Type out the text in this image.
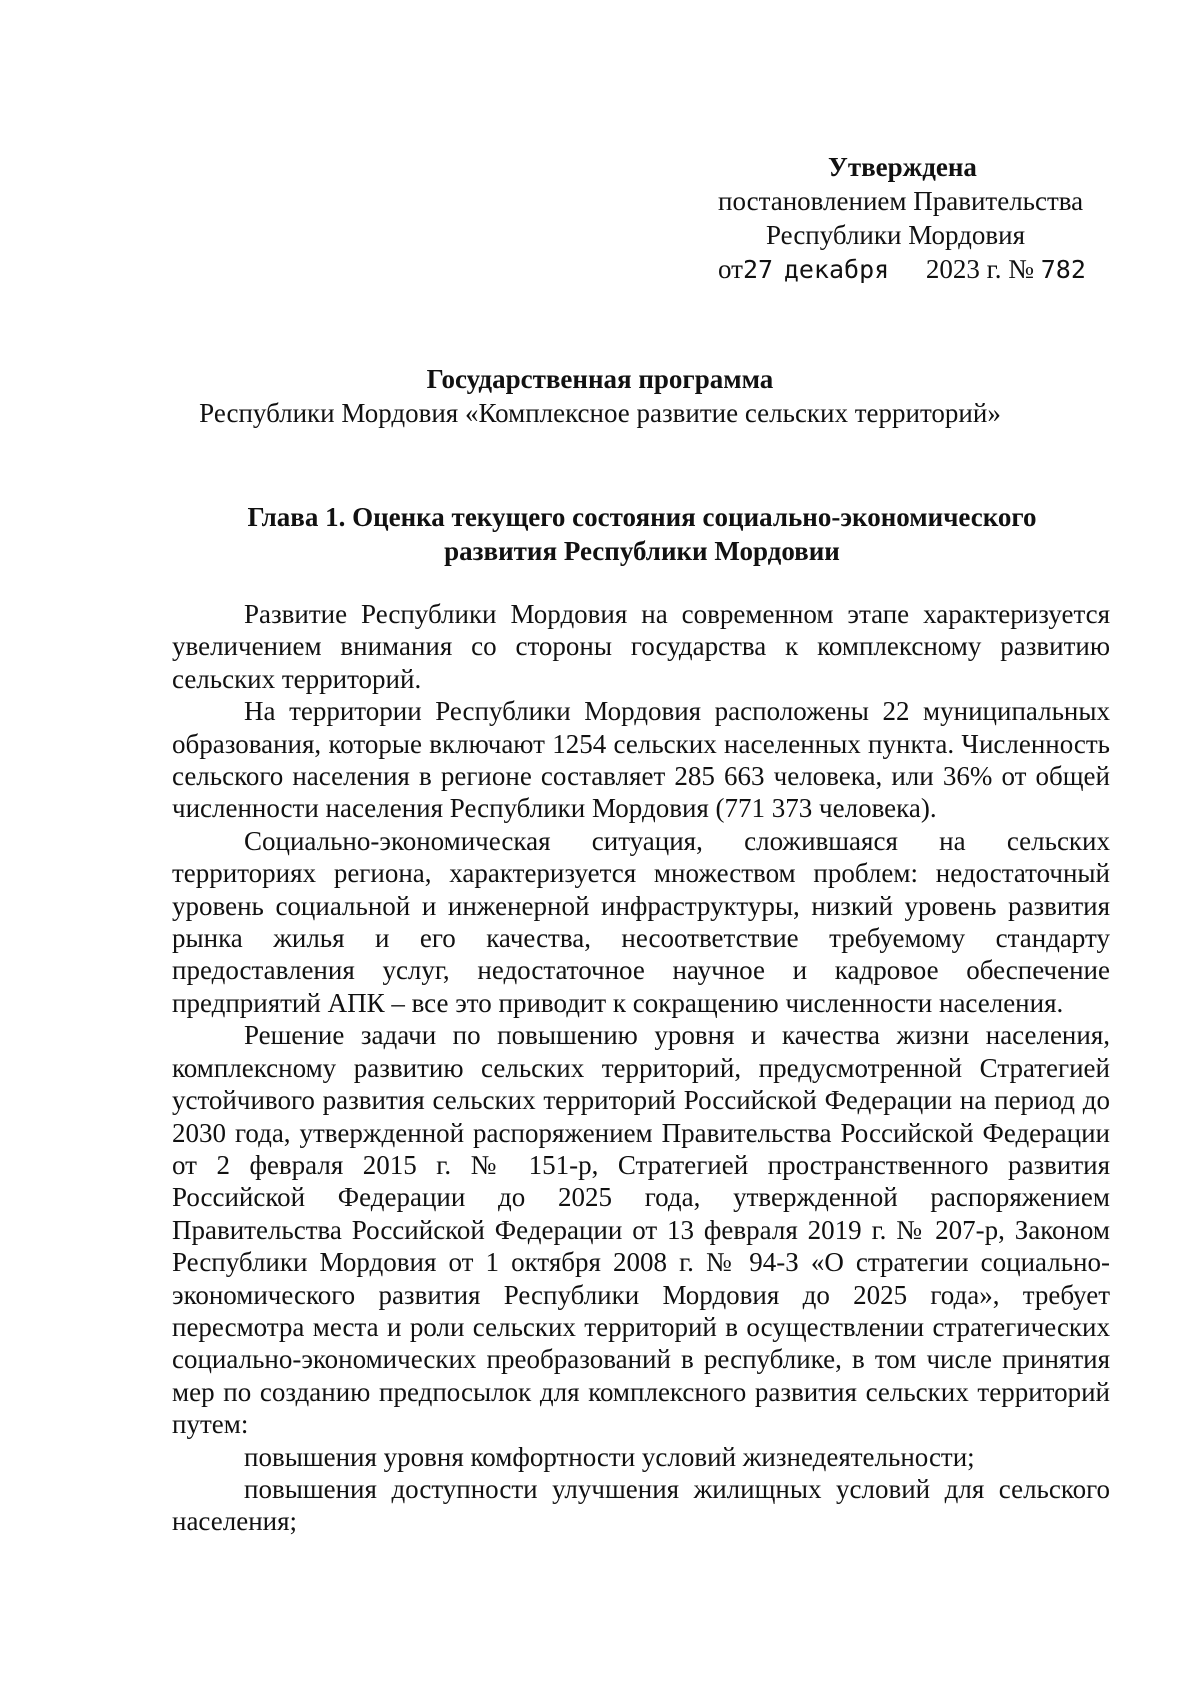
Утверждена
постановлением Правительства
Республики Мордовия
от27 декабря 2023 г. № 782
Государственная программа
Республики Мордовия «Комплексное развитие сельских территорий»
Глава 1. Оценка текущего состояния социально-экономического
развития Республики Мордовии

Развитие Республики Мордовия на современном этапе характеризуется увеличением внимания со стороны государства к комплексному развитию сельских территорий.

На территории Республики Мордовия расположены 22 муниципальных образования, которые включают 1254 сельских населенных пункта. Численность сельского населения в регионе составляет 285 663 человека, или 36% от общей численности населения Республики Мордовия (771 373 человека).

Социально-экономическая ситуация, сложившаяся на сельских территориях региона, характеризуется множеством проблем: недостаточный уровень социальной и инженерной инфраструктуры, низкий уровень развития рынка жилья и его качества, несоответствие требуемому стандарту предоставления услуг, недостаточное научное и кадровое обеспечение предприятий АПК – все это приводит к сокращению численности населения.

Решение задачи по повышению уровня и качества жизни населения, комплексному развитию сельских территорий, предусмотренной Стратегией устойчивого развития сельских территорий Российской Федерации на период до 2030 года, утвержденной распоряжением Правительства Российской Федерации от 2 февраля 2015 г. № 151-р, Стратегией пространственного развития Российской Федерации до 2025 года, утвержденной распоряжением Правительства Российской Федерации от 13 февраля 2019 г. № 207-р, Законом Республики Мордовия от 1 октября 2008 г. № 94-З «О стратегии социально-экономического развития Республики Мордовия до 2025 года», требует пересмотра места и роли сельских территорий в осуществлении стратегических социально-экономических преобразований в республике, в том числе принятия мер по созданию предпосылок для комплексного развития сельских территорий путем:

повышения уровня комфортности условий жизнедеятельности;

повышения доступности улучшения жилищных условий для сельского населения;
